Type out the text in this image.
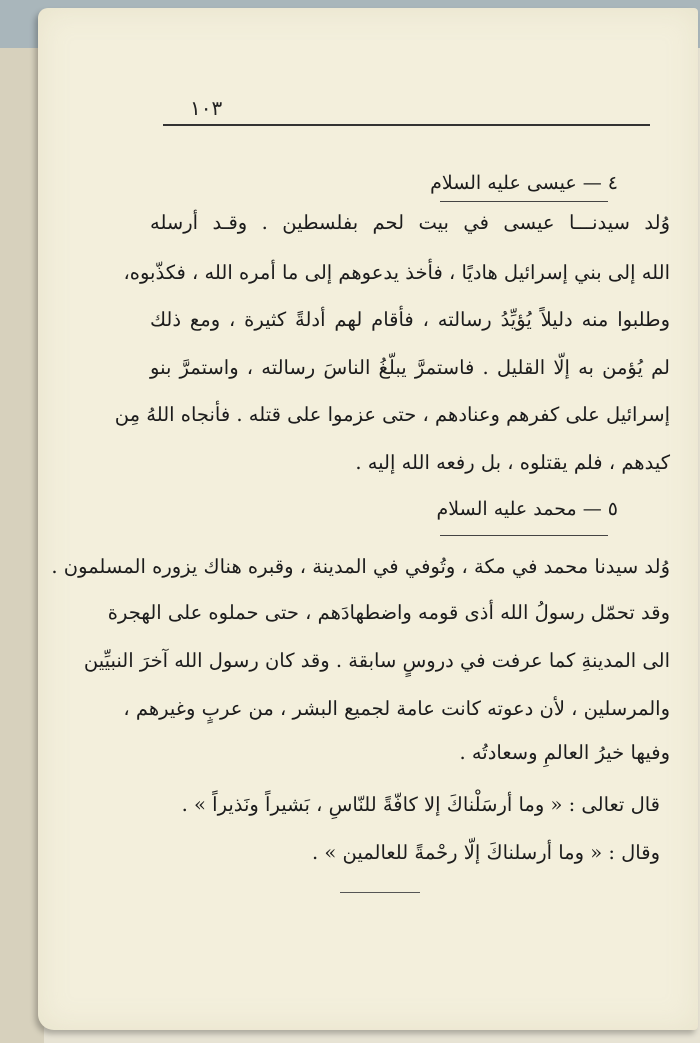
١٠٣
٤ — عيسى عليه السلام
وُلد سيدنـــا عيسى في بيت لحم بفلسطين . وقـد أرسله
الله إلى بني إسرائيل هاديًا ، فأخذ يدعوهم إلى ما أمره الله ، فكذّبوه،
وطلبوا منه دليلاً يُؤيِّدُ رسالته ، فأقام لهم أدلةً كثيرة ، ومع ذلك
لم يُؤمن به إلّا القليل . فاستمرَّ يبلّغُ الناسَ رسالته ، واستمرَّ بنو
إسرائيل على كفرهم وعنادهم ، حتى عزموا على قتله . فأنجاه اللهُ مِن
كيدهم ، فلم يقتلوه ، بل رفعه الله إليه .
٥ — محمد عليه السلام
وُلد سيدنا محمد في مكة ، وتُوفي في المدينة ، وقبره هناك يزوره المسلمون .
وقد تحمّل رسولُ الله أذى قومه واضطهادَهم ، حتى حملوه على الهجرة
الى المدينةِ كما عرفت في دروسٍ سابقة . وقد كان رسول الله آخرَ النبيِّين
والمرسلين ، لأن دعوته كانت عامة لجميع البشر ، من عربٍ وغيرهم ،
وفيها خيرُ العالمِ وسعادتُه .
قال تعالى : « وما أرسَلْناكَ إلا كافّةً للنّاسِ ، بَشيراً ونَذيراً » .
وقال : « وما أرسلناكَ إلّا رحْمةً للعالمين » .
